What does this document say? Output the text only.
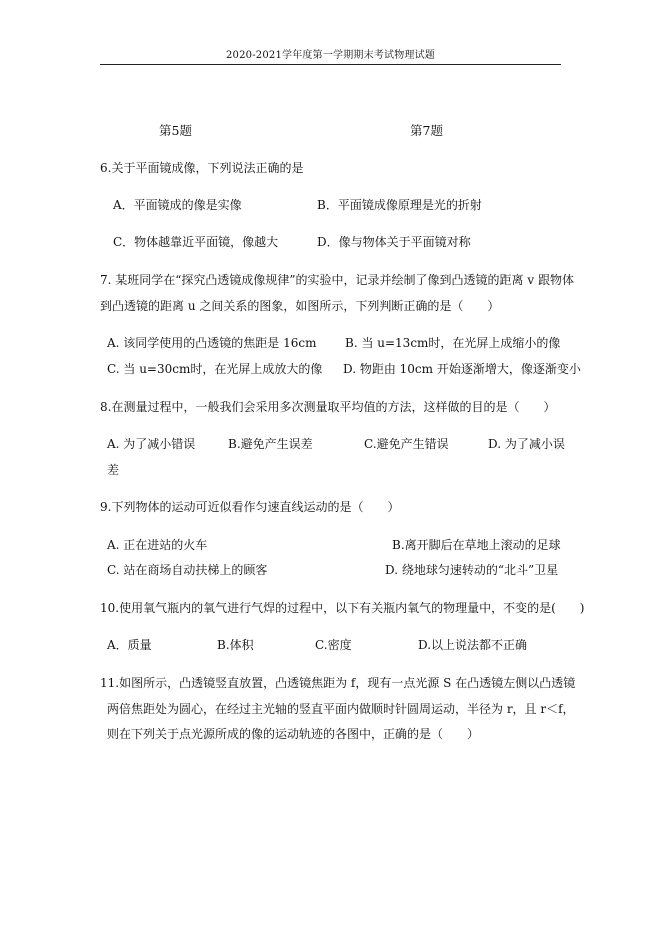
2020-2021学年度第一学期期末考试物理试题
第5题	第7题
6.关于平面镜成像，下列说法正确的是
A．平面镜成的像是实像	B．平面镜成像原理是光的折射
C．物体越靠近平面镜，像越大	D．像与物体关于平面镜对称
7. 某班同学在“探究凸透镜成像规律”的实验中，记录并绘制了像到凸透镜的距离 v 跟物体
到凸透镜的距离 u 之间关系的图象，如图所示，下列判断正确的是（　　）
A. 该同学使用的凸透镜的焦距是 16cm B. 当 u=13cm时，在光屏上成缩小的像
C. 当 u=30cm时，在光屏上成放大的像 D. 物距由 10cm 开始逐渐增大，像逐渐变小
8.在测量过程中，一般我们会采用多次测量取平均值的方法，这样做的目的是（　　）
A. 为了减小错误	B.避免产生误差	C.避免产生错误	D. 为了减小误
差
9.下列物体的运动可近似看作匀速直线运动的是（　　）
A. 正在进站的火车	B.离开脚后在草地上滚动的足球
C. 站在商场自动扶梯上的顾客	D. 绕地球匀速转动的“北斗”卫星
10.使用氧气瓶内的氧气进行气焊的过程中，以下有关瓶内氧气的物理量中，不变的是(　　)
A．质量	B.体积	C.密度	D.以上说法都不正确
11.如图所示，凸透镜竖直放置，凸透镜焦距为 f，现有一点光源 S 在凸透镜左侧以凸透镜
两倍焦距处为圆心，在经过主光轴的竖直平面内做顺时针圆周运动，半径为 r，且 r＜f，
则在下列关于点光源所成的像的运动轨迹的各图中，正确的是（　　）
